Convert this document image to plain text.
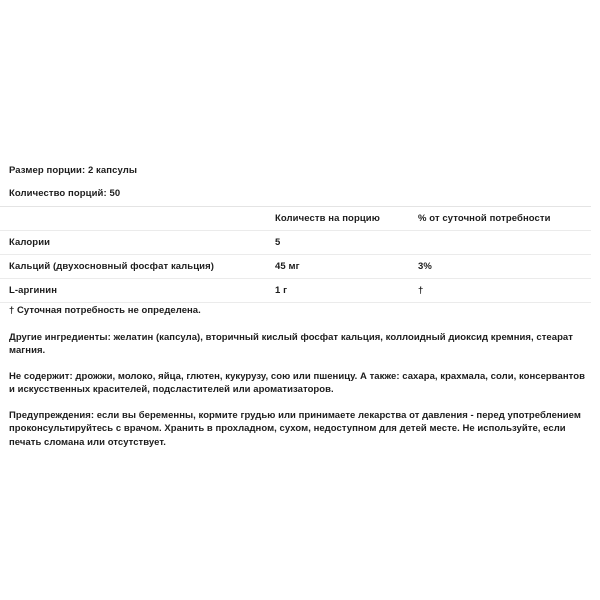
Размер порции: 2 капсулы
Количество порций: 50
	Количеств на порцию	% от суточной потребности
Калории	5	
Кальций (двухосновный фосфат кальция)	45 мг	3%
L-аргинин	1 г	†

† Суточная потребность не определена.

Другие ингредиенты: желатин (капсула), вторичный кислый фосфат кальция, коллоидный диоксид кремния, стеарат магния.

Не содержит: дрожжи, молоко, яйца, глютен, кукурузу, сою или пшеницу. А также: сахара, крахмала, соли, консервантов и искусственных красителей, подсластителей или ароматизаторов.

Предупреждения: если вы беременны, кормите грудью или принимаете лекарства от давления - перед употреблением проконсультируйтесь с врачом. Хранить в прохладном, сухом, недоступном для детей месте. Не используйте, если печать сломана или отсутствует.
